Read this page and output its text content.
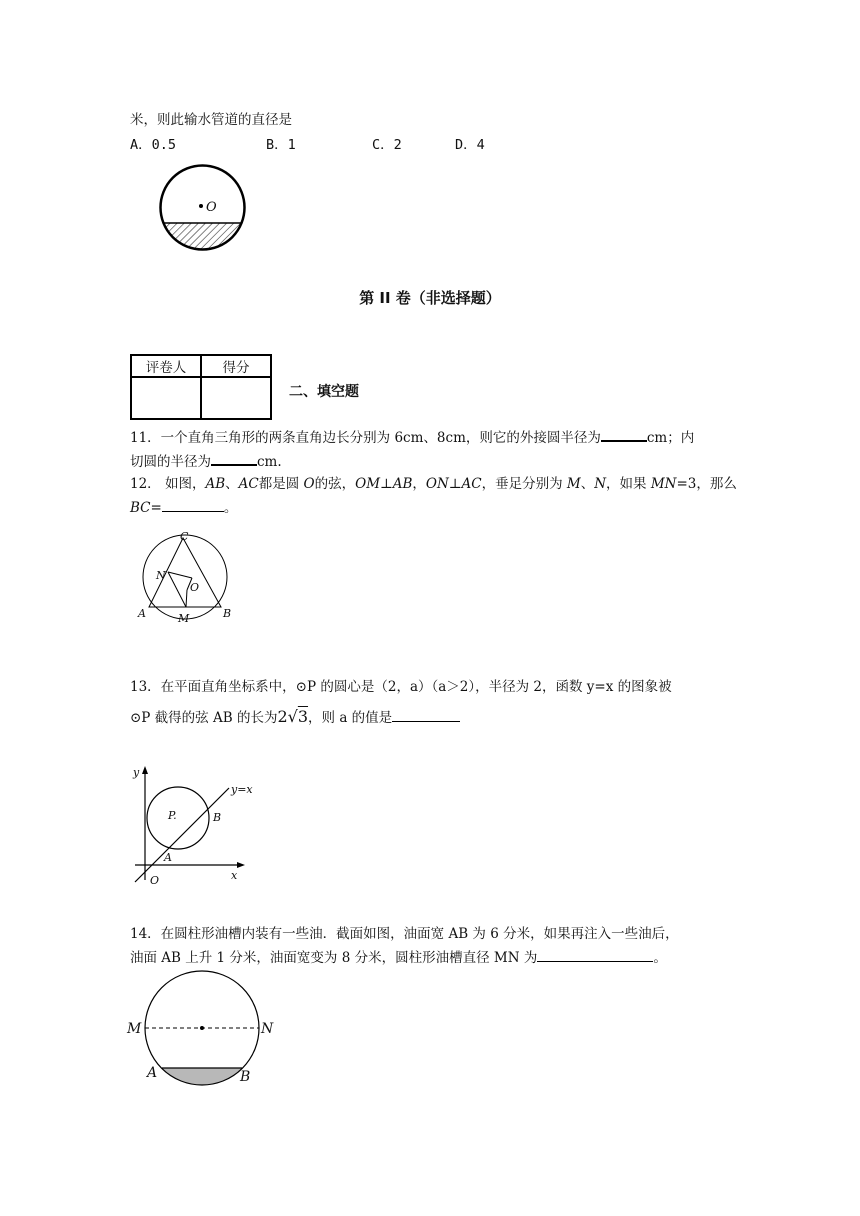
米，则此输水管道的直径是
A．0.5	B．1	C．2	D．4
O
第 II 卷（非选择题）
评卷人	得分

二、填空题
11．一个直角三角形的两条直角边长分别为 6cm、8cm，则它的外接圆半径为	cm；内
切圆的半径为	cm.
12． 如图，AB、AC都是圆 O的弦，OM⊥AB，ON⊥AC，垂足分别为 M、N，如果 MN=3，那么
BC=	。
C
N
O
A	M	B
13．在平面直角坐标系中，⊙P 的圆心是（2，a）（a＞2），半径为 2，函数 y=x 的图象被
⊙P 截得的弦 AB 的长为2√3，则 a 的值是
y
x
y=x
P.	B
A
O
14．在圆柱形油槽内装有一些油．截面如图，油面宽 AB 为 6 分米，如果再注入一些油后，
油面 AB 上升 1 分米，油面宽变为 8 分米，圆柱形油槽直径 MN 为	。
M	N
A	B
